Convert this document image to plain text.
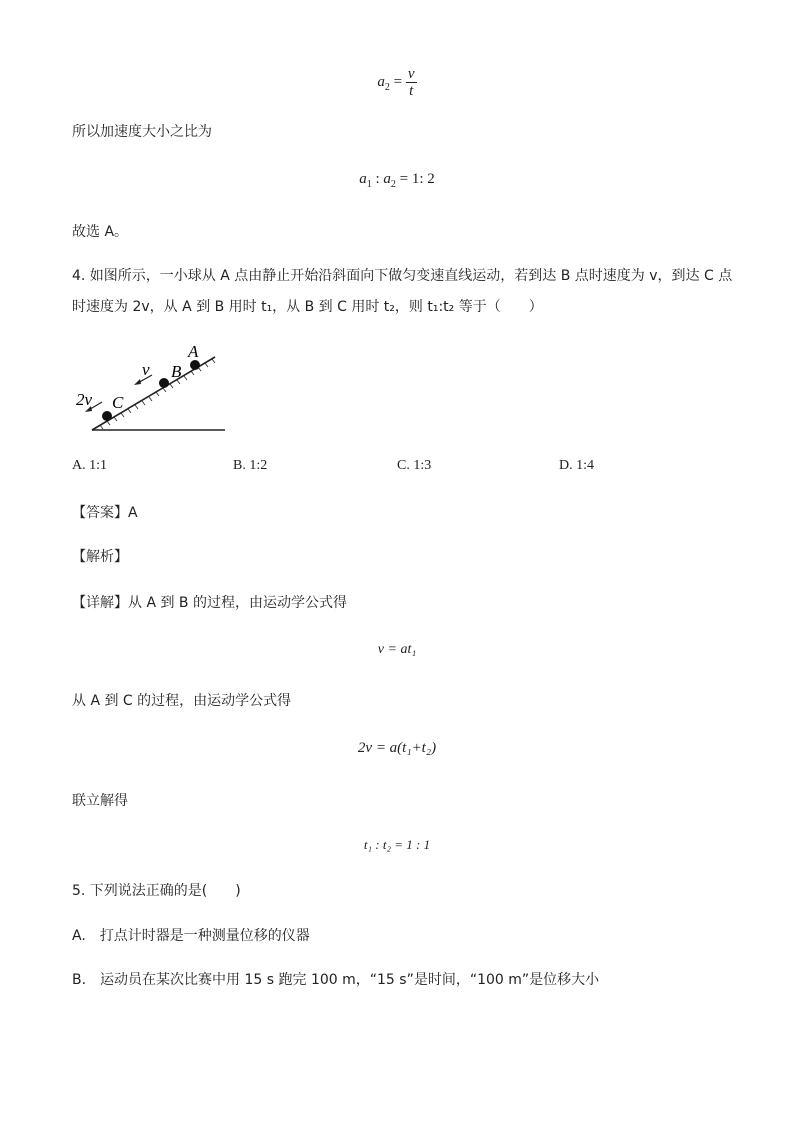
$a_2 = \frac{v}{t}$
所以加速度大小之比为
$a_1$ : $a_2 = 1$: 2
故选 A。
4. 如图所示，一小球从 A 点由静止开始沿斜面向下做匀变速直线运动，若到达 B 点时速度为 v，到达 C 点
时速度为 2v，从 A 到 B 用时 t₁，从 B 到 C 用时 t₂，则 t₁:t₂ 等于（　　）
A
B
C
v
2v
A. 1:1	B. 1:2	C. 1:3	D. 1:4
【答案】A
【解析】
【详解】从 A 到 B 的过程，由运动学公式得
v = at₁
从 A 到 C 的过程，由运动学公式得
2v = a(t₁+t₂)
联立解得
t₁ : t₂ = 1 : 1
5. 下列说法正确的是(　　)
A.　打点计时器是一种测量位移的仪器
B.　运动员在某次比赛中用 15 s 跑完 100 m，“15 s”是时间，“100 m”是位移大小
